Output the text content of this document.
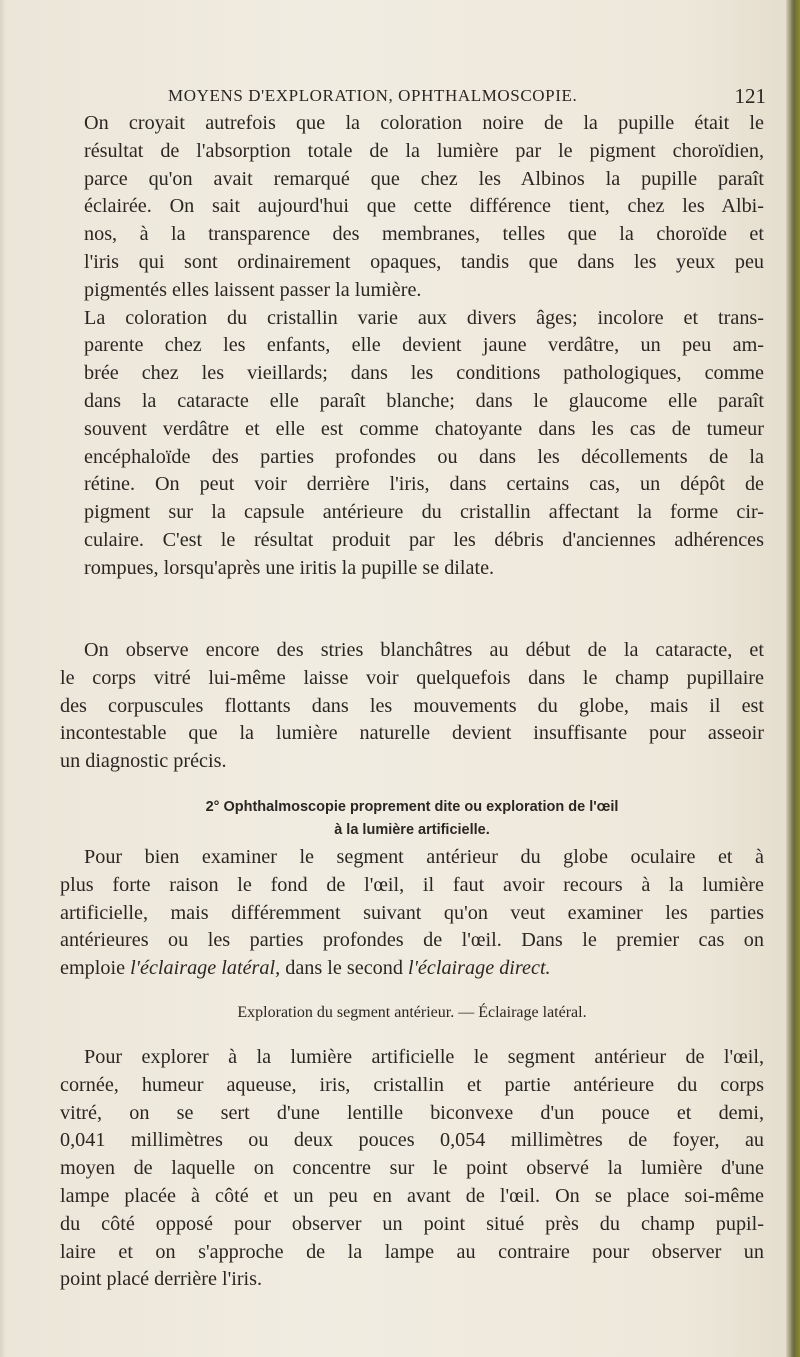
MOYENS D'EXPLORATION, OPHTHALMOSCOPIE.	121

On croyait autrefois que la coloration noire de la pupille était le
résultat de l'absorption totale de la lumière par le pigment choroïdien,
parce qu'on avait remarqué que chez les Albinos la pupille paraît
éclairée. On sait aujourd'hui que cette différence tient, chez les Albi-
nos, à la transparence des membranes, telles que la choroïde et
l'iris qui sont ordinairement opaques, tandis que dans les yeux peu
pigmentés elles laissent passer la lumière.
La coloration du cristallin varie aux divers âges; incolore et trans-
parente chez les enfants, elle devient jaune verdâtre, un peu am-
brée chez les vieillards; dans les conditions pathologiques, comme
dans la cataracte elle paraît blanche; dans le glaucome elle paraît
souvent verdâtre et elle est comme chatoyante dans les cas de tumeur
encéphaloïde des parties profondes ou dans les décollements de la
rétine. On peut voir derrière l'iris, dans certains cas, un dépôt de
pigment sur la capsule antérieure du cristallin affectant la forme cir-
culaire. C'est le résultat produit par les débris d'anciennes adhérences
rompues, lorsqu'après une iritis la pupille se dilate.

On observe encore des stries blanchâtres au début de la cataracte, et
le corps vitré lui-même laisse voir quelquefois dans le champ pupillaire
des corpuscules flottants dans les mouvements du globe, mais il est
incontestable que la lumière naturelle devient insuffisante pour asseoir
un diagnostic précis.

2° Ophthalmoscopie proprement dite ou exploration de l'œil
à la lumière artificielle.

Pour bien examiner le segment antérieur du globe oculaire et à
plus forte raison le fond de l'œil, il faut avoir recours à la lumière
artificielle, mais différemment suivant qu'on veut examiner les parties
antérieures ou les parties profondes de l'œil. Dans le premier cas on
emploie l'éclairage latéral, dans le second l'éclairage direct.

Exploration du segment antérieur. — Éclairage latéral.

Pour explorer à la lumière artificielle le segment antérieur de l'œil,
cornée, humeur aqueuse, iris, cristallin et partie antérieure du corps
vitré, on se sert d'une lentille biconvexe d'un pouce et demi,
0,041 millimètres ou deux pouces 0,054 millimètres de foyer, au
moyen de laquelle on concentre sur le point observé la lumière d'une
lampe placée à côté et un peu en avant de l'œil. On se place soi-même
du côté opposé pour observer un point situé près du champ pupil-
laire et on s'approche de la lampe au contraire pour observer un
point placé derrière l'iris.
